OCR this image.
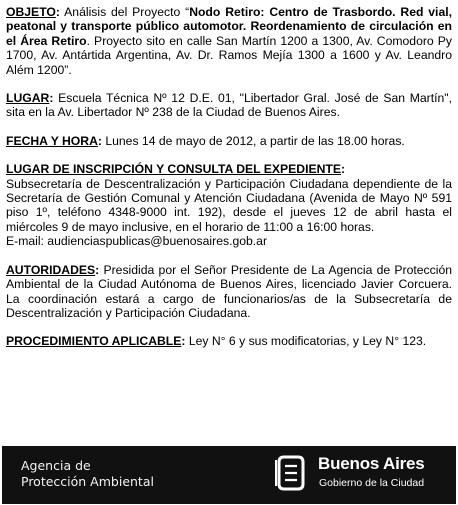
OBJETO: Análisis del Proyecto “Nodo Retiro: Centro de Trasbordo. Red vial, peatonal y transporte público automotor. Reordenamiento de circulación en el Área Retiro. Proyecto sito en calle San Martín 1200 a 1300, Av. Comodoro Py 1700, Av. Antártida Argentina, Av. Dr. Ramos Mejía 1300 a 1600 y Av. Leandro Além 1200”.

LUGAR: Escuela Técnica Nº 12 D.E. 01, "Libertador Gral. José de San Martín", sita en la Av. Libertador Nº 238 de la Ciudad de Buenos Aires.

FECHA Y HORA: Lunes 14 de mayo de 2012, a partir de las 18.00 horas.

LUGAR DE INSCRIPCIÓN Y CONSULTA DEL EXPEDIENTE:
Subsecretaría de Descentralización y Participación Ciudadana dependiente de la Secretaría de Gestión Comunal y Atención Ciudadana (Avenida de Mayo Nº 591 piso 1º, teléfono 4348-9000 int. 192), desde el jueves 12 de abril hasta el miércoles 9 de mayo inclusive, en el horario de 11:00 a 16:00 horas.
E-mail: audienciaspublicas@buenosaires.gob.ar

AUTORIDADES: Presidida por el Señor Presidente de La Agencia de Protección Ambiental de la Ciudad Autónoma de Buenos Aires, licenciado Javier Corcuera. La coordinación estará a cargo de funcionarios/as de la Subsecretaría de Descentralización y Participación Ciudadana.

PROCEDIMIENTO APLICABLE: Ley N° 6 y sus modificatorias, y Ley N° 123.

Agencia de
Protección Ambiental
Buenos Aires
Gobierno de la Ciudad
